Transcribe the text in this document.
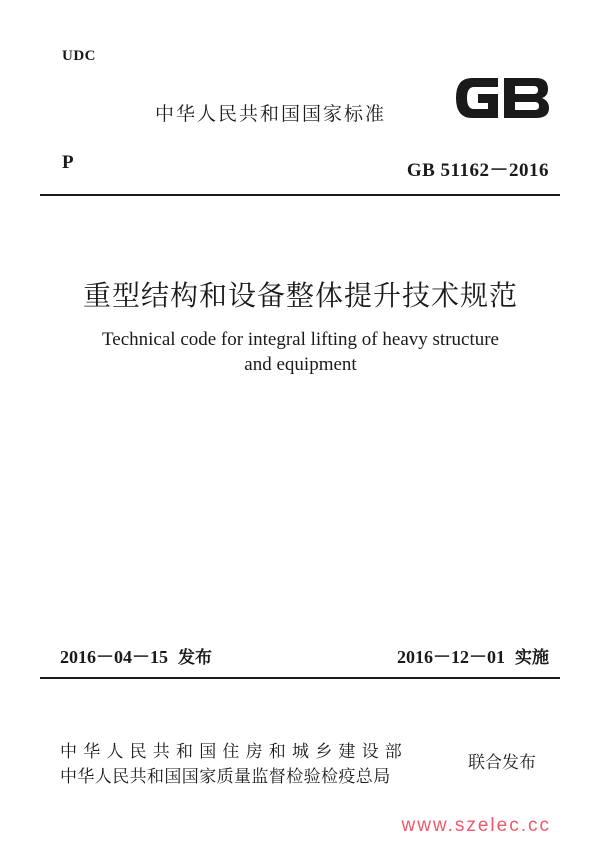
UDC
中华人民共和国国家标准
P	GB 51162－2016
重型结构和设备整体提升技术规范
Technical code for integral lifting of heavy structure
and equipment
2016－04－15 发布	2016－12－01 实施
中华人民共和国住房和城乡建设部
中华人民共和国国家质量监督检验检疫总局
联合发布
www.szelec.cc
